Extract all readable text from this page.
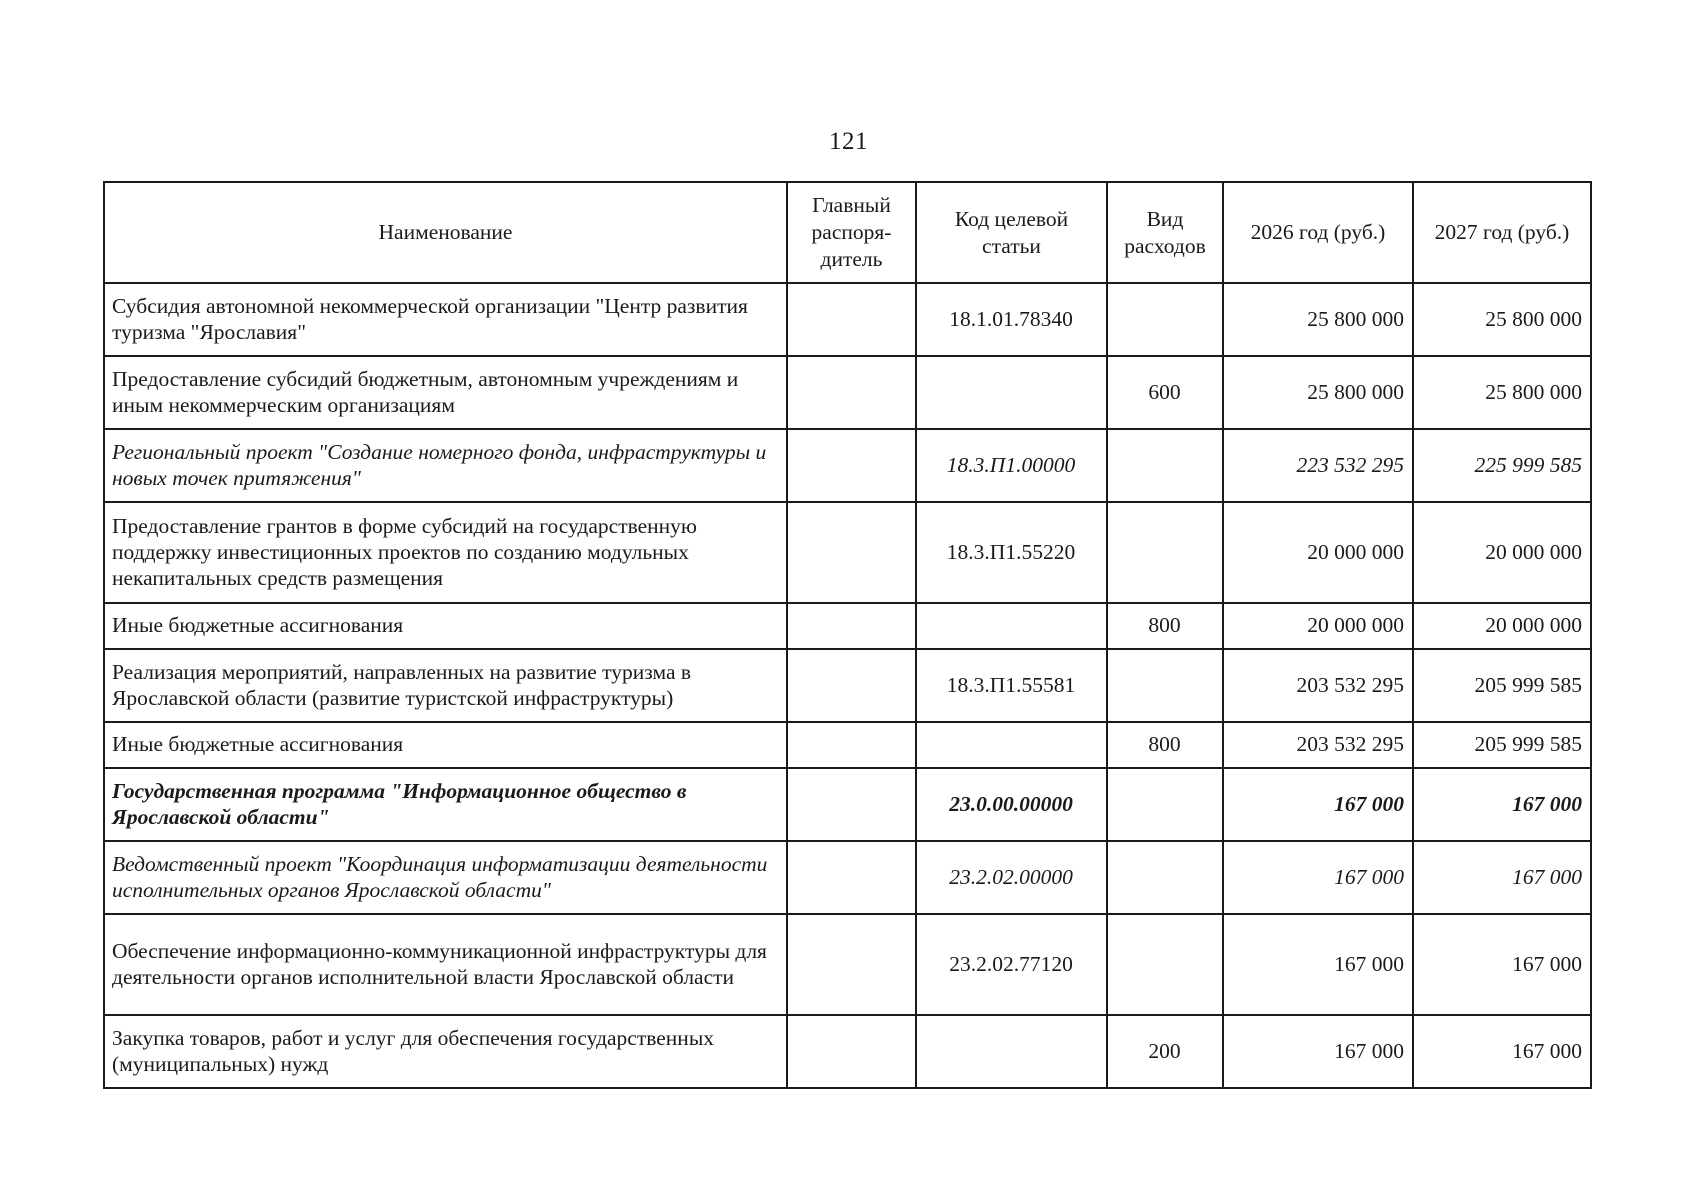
121
Наименование	Главный распоря-дитель	Код целевой статьи	Вид расходов	2026 год (руб.)	2027 год (руб.)
Субсидия автономной некоммерческой организации "Центр развития туризма "Ярославия"		18.1.01.78340		25 800 000	25 800 000
Предоставление субсидий бюджетным, автономным учреждениям и иным некоммерческим организациям			600	25 800 000	25 800 000
Региональный проект "Создание номерного фонда, инфраструктуры и новых точек притяжения"		18.3.П1.00000		223 532 295	225 999 585
Предоставление грантов в форме субсидий на государственную поддержку инвестиционных проектов по созданию модульных некапитальных средств размещения		18.3.П1.55220		20 000 000	20 000 000
Иные бюджетные ассигнования			800	20 000 000	20 000 000
Реализация мероприятий, направленных на развитие туризма в Ярославской области (развитие туристской инфраструктуры)		18.3.П1.55581		203 532 295	205 999 585
Иные бюджетные ассигнования			800	203 532 295	205 999 585
Государственная программа "Информационное общество в Ярославской области"		23.0.00.00000		167 000	167 000
Ведомственный проект "Координация информатизации деятельности исполнительных органов Ярославской области"		23.2.02.00000		167 000	167 000
Обеспечение информационно-коммуникационной инфраструктуры для деятельности органов исполнительной власти Ярославской области		23.2.02.77120		167 000	167 000
Закупка товаров, работ и услуг для обеспечения государственных (муниципальных) нужд			200	167 000	167 000
